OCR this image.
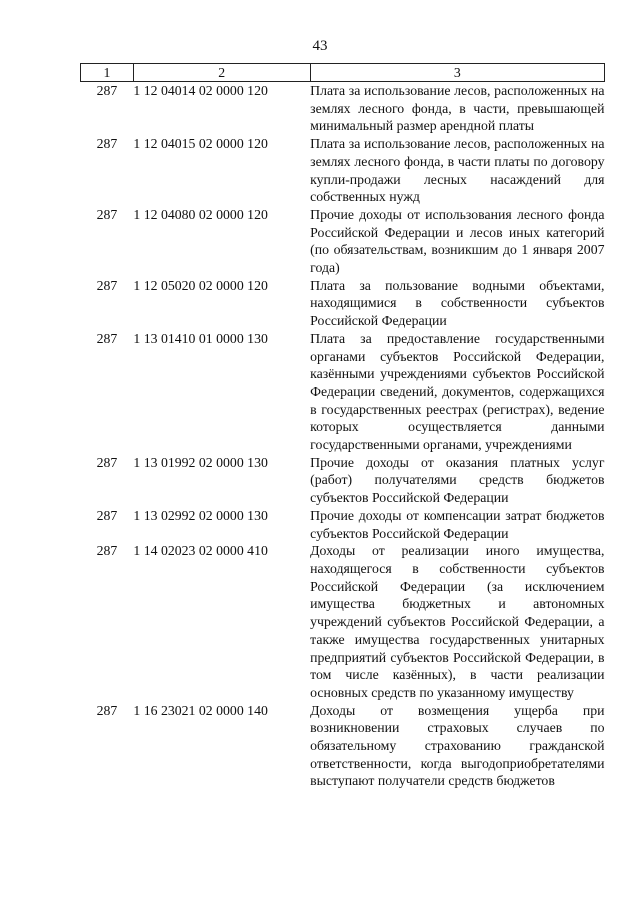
43
1	2	3
287	1 12 04014 02 0000 120	Плата за использование лесов, расположенных на землях лесного фонда, в части, превышающей минимальный размер арендной платы
287	1 12 04015 02 0000 120	Плата за использование лесов, расположенных на землях лесного фонда, в части платы по договору купли-продажи лесных насаждений для собственных нужд
287	1 12 04080 02 0000 120	Прочие доходы от использования лесного фонда Российской Федерации и лесов иных категорий (по обязательствам, возникшим до 1 января 2007 года)
287	1 12 05020 02 0000 120	Плата за пользование водными объектами, находящимися в собственности субъектов Российской Федерации
287	1 13 01410 01 0000 130	Плата за предоставление государственными органами субъектов Российской Федерации, казёнными учреждениями субъектов Российской Федерации сведений, документов, содержащихся в государственных реестрах (регистрах), ведение которых осуществляется данными государственными органами, учреждениями
287	1 13 01992 02 0000 130	Прочие доходы от оказания платных услуг (работ) получателями средств бюджетов субъектов Российской Федерации
287	1 13 02992 02 0000 130	Прочие доходы от компенсации затрат бюджетов субъектов Российской Федерации
287	1 14 02023 02 0000 410	Доходы от реализации иного имущества, находящегося в собственности субъектов Российской Федерации (за исключением имущества бюджетных и автономных учреждений субъектов Российской Федерации, а также имущества государственных унитарных предприятий субъектов Российской Федерации, в том числе казённых), в части реализации основных средств по указанному имуществу
287	1 16 23021 02 0000 140	Доходы от возмещения ущерба при возникновении страховых случаев по обязательному страхованию гражданской ответственности, когда выгодоприобретателями выступают получатели средств бюджетов
